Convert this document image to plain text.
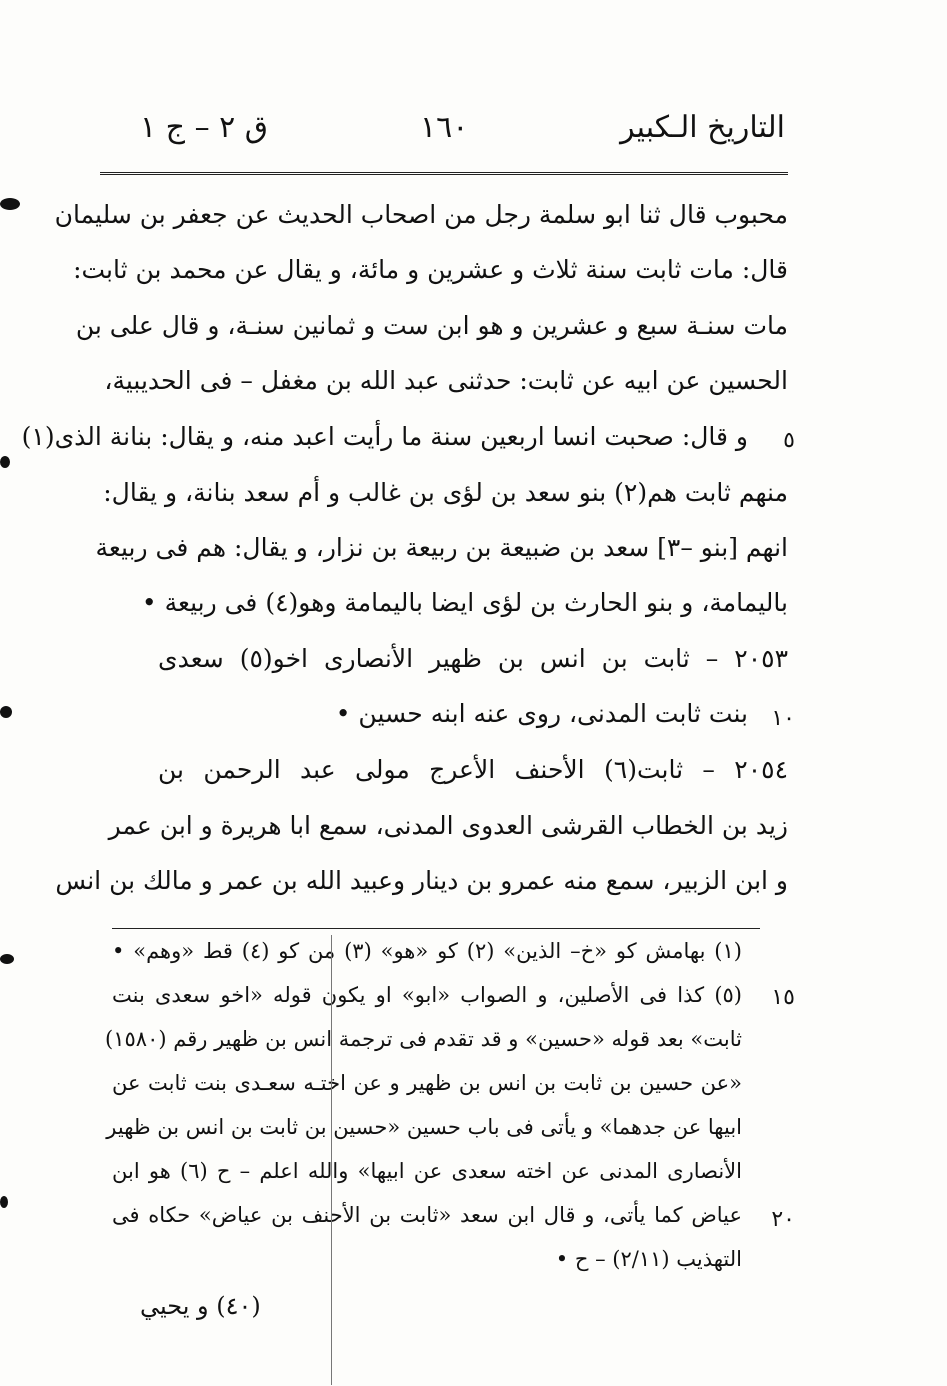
التاريخ الـكبير
١٦٠
ق ٢ – ج ١
محبوب قال ثنا ابو سلمة رجل من اصحاب الحديث عن جعفر بن سليمان
قال: مات ثابت سنة ثلاث و عشرين و مائة، و يقال عن محمد بن ثابت:
مات سنـة سبع و عشرين و هو ابن ست و ثمانين سنـة، و قال على بن
الحسين عن ابيه عن ثابت: حدثنى عبد الله بن مغفل – فى الحديبية،
و قال: صحبت انسا اربعين سنة ما رأيت اعبد منه، و يقال: بنانة الذى(١)
منهم ثابت هم(٢) بنو سعد بن لؤى بن غالب و أم سعد بنانة، و يقال:
انهم [بنو –٣] سعد بن ضبيعة بن ربيعة بن نزار، و يقال: هم فى ربيعة
باليمامة، و بنو الحارث بن لؤى ايضا باليمامة وهو(٤) فى ربيعة •
٢٠٥٣ – ثابت بن انس بن ظهير الأنصارى اخو(٥) سعدى
بنت ثابت المدنى، روى عنه ابنه حسين •
٢٠٥٤ – ثابت(٦) الأحنف الأعرج مولى عبد الرحمن بن
زيد بن الخطاب القرشى العدوى المدنى، سمع ابا هريرة و ابن عمر
و ابن الزبير، سمع منه عمرو بن دينار وعبيد الله بن عمر و مالك بن انس
٥
١٠
(١) بهامش كو «خ– الذين» (٢) كو «هو» (٣) من كو (٤) قط «وهم» •
(٥) كذا فى الأصلين، و الصواب «ابو» او يكون قوله «اخو سعدى بنت
ثابت» بعد قوله «حسين» و قد تقدم فى ترجمة انس بن ظهير رقم (١٥٨٠)
«عن حسين بن ثابت بن انس بن ظهير و عن اختـه سعـدى بنت ثابت عن
ابيها عن جدهما» و يأتى فى باب حسين «حسين بن ثابت بن انس بن ظهير
الأنصارى المدنى عن اخته سعدى عن ابيها» والله اعلم – ح (٦) هو ابن
عياض كما يأتى، و قال ابن سعد «ثابت بن الأحنف بن عياض» حكاه فى
التهذيب (٢/١١) – ح •
١٥
٢٠
(٤٠) و يحيي
